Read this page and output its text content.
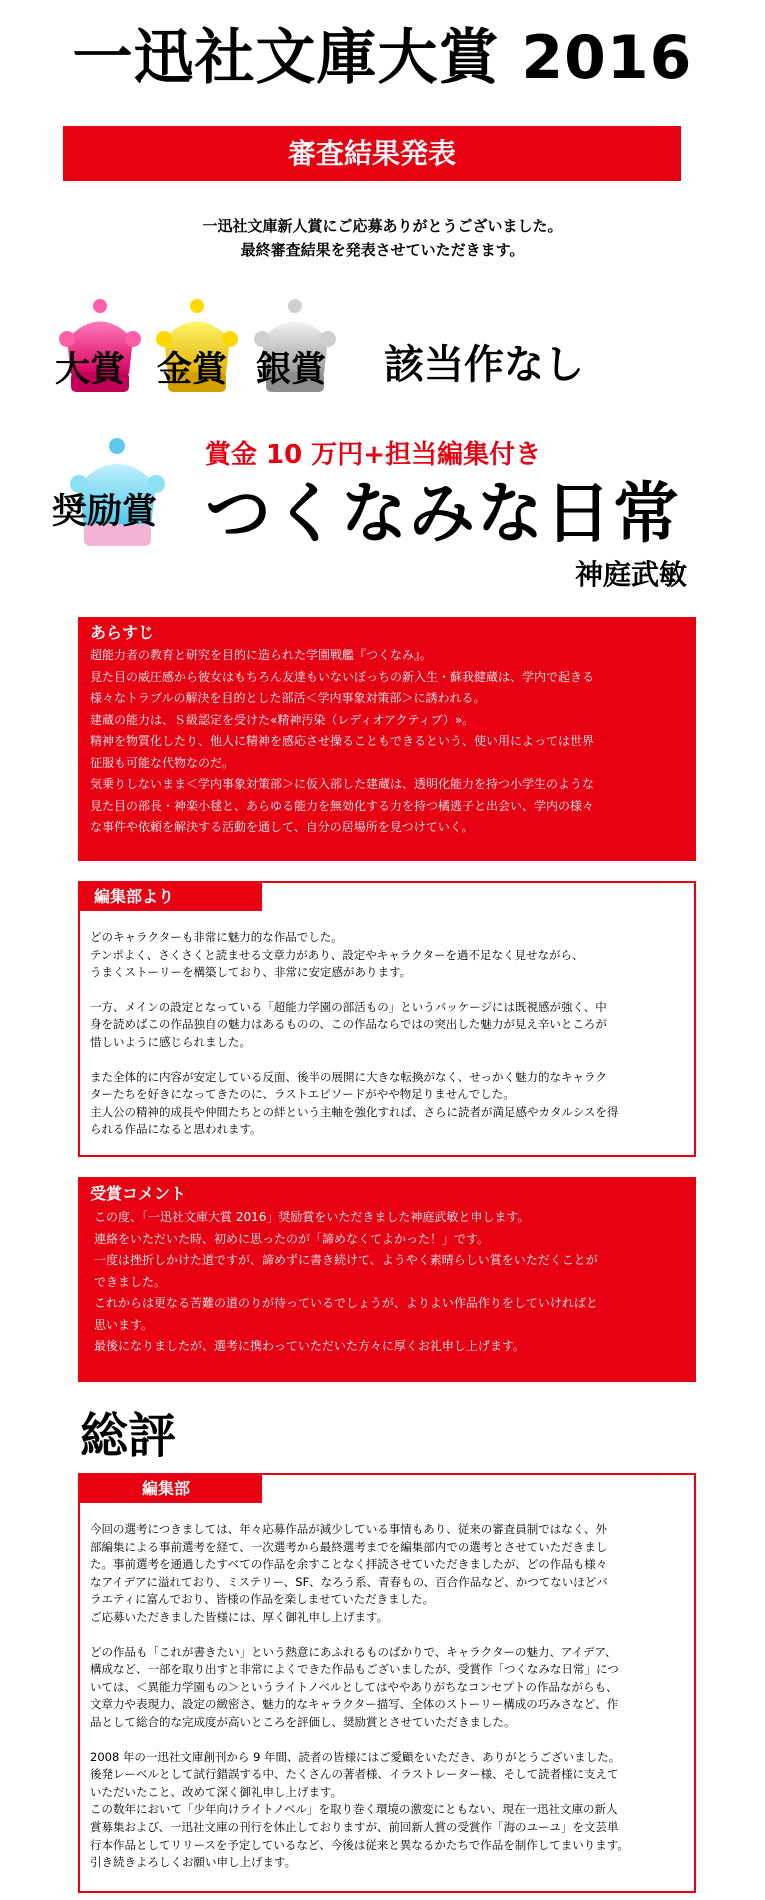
一迅社文庫大賞 2016
審査結果発表
一迅社文庫新人賞にご応募ありがとうございました。
最終審査結果を発表させていただきます。
大賞 金賞 銀賞 該当作なし
奨励賞
賞金 10 万円+担当編集付き
つくなみな日常
神庭武敏
あらすじ

超能力者の教育と研究を目的に造られた学園戦艦『つくなみ』。

見た目の威圧感から彼女はもちろん友達もいないぼっちの新入生・蘇我健蔵は、学内で起きる

様々なトラブルの解決を目的とした部活＜学内事象対策部＞に誘われる。

建蔵の能力は、Ｓ級認定を受けた«精神汚染（レディオアクティブ）»。

精神を物質化したり、他人に精神を感応させ操ることもできるという、使い用によっては世界

征服も可能な代物なのだ。

気乗りしないまま＜学内事象対策部＞に仮入部した建蔵は、透明化能力を持つ小学生のような

見た目の部長・神楽小毬と、あらゆる能力を無効化する力を持つ橘逃子と出会い、学内の様々

な事件や依頼を解決する活動を通して、自分の居場所を見つけていく。

編集部より

どのキャラクターも非常に魅力的な作品でした。

テンポよく、さくさくと読ませる文章力があり、設定やキャラクターを過不足なく見せながら、

うまくストーリーを構築しており、非常に安定感があります。

一方、メインの設定となっている「超能力学園の部活もの」というパッケージには既視感が強く、中

身を読めばこの作品独自の魅力はあるものの、この作品ならではの突出した魅力が見え辛いところが

惜しいように感じられました。

また全体的に内容が安定している反面、後半の展開に大きな転換がなく、せっかく魅力的なキャラク

ターたちを好きになってきたのに、ラストエピソードがやや物足りませんでした。

主人公の精神的成長や仲間たちとの絆という主軸を強化すれば、さらに読者が満足感やカタルシスを得

られる作品になると思われます。

受賞コメント

この度、「一迅社文庫大賞 2016」奨励賞をいただきました神庭武敏と申します。

連絡をいただいた時、初めに思ったのが「諦めなくてよかった！」です。

一度は挫折しかけた道ですが、諦めずに書き続けて、ようやく素晴らしい賞をいただくことが

できました。

これからは更なる苦難の道のりが待っているでしょうが、よりよい作品作りをしていければと

思います。

最後になりましたが、選考に携わっていただいた方々に厚くお礼申し上げます。

総評
編集部

今回の選考につきましては、年々応募作品が減少している事情もあり、従来の審査員制ではなく、外

部編集による事前選考を経て、一次選考から最終選考までを編集部内での選考とさせていただきまし

た。事前選考を通過したすべての作品を余すことなく拝読させていただきましたが、どの作品も様々

なアイデアに溢れており、ミステリー、SF、なろう系、青春もの、百合作品など、かつてないほどバ

ラエティに富んでおり、皆様の作品を楽しませていただきました。

ご応募いただきました皆様には、厚く御礼申し上げます。

どの作品も「これが書きたい」という熱意にあふれるものばかりで、キャラクターの魅力、アイデア、

構成など、一部を取り出すと非常によくできた作品もございましたが、受賞作「つくなみな日常」につ

いては、＜異能力学園もの＞というライトノベルとしてはややありがちなコンセプトの作品ながらも、

文章力や表現力、設定の緻密さ、魅力的なキャラクター描写、全体のストーリー構成の巧みさなど、作

品として総合的な完成度が高いところを評価し、奨励賞とさせていただきました。

2008 年の一迅社文庫創刊から 9 年間、読者の皆様にはご愛顧をいただき、ありがとうございました。

後発レーベルとして試行錯誤する中、たくさんの著者様、イラストレーター様、そして読者様に支えて

いただいたこと、改めて深く御礼申し上げます。

この数年において「少年向けライトノベル」を取り巻く環境の激変にともない、現在一迅社文庫の新人

賞募集および、一迅社文庫の刊行を休止しておりますが、前回新人賞の受賞作「海のユーユ」を文芸単

行本作品としてリリースを予定しているなど、今後は従来と異なるかたちで作品を制作してまいります。

引き続きよろしくお願い申し上げます。
